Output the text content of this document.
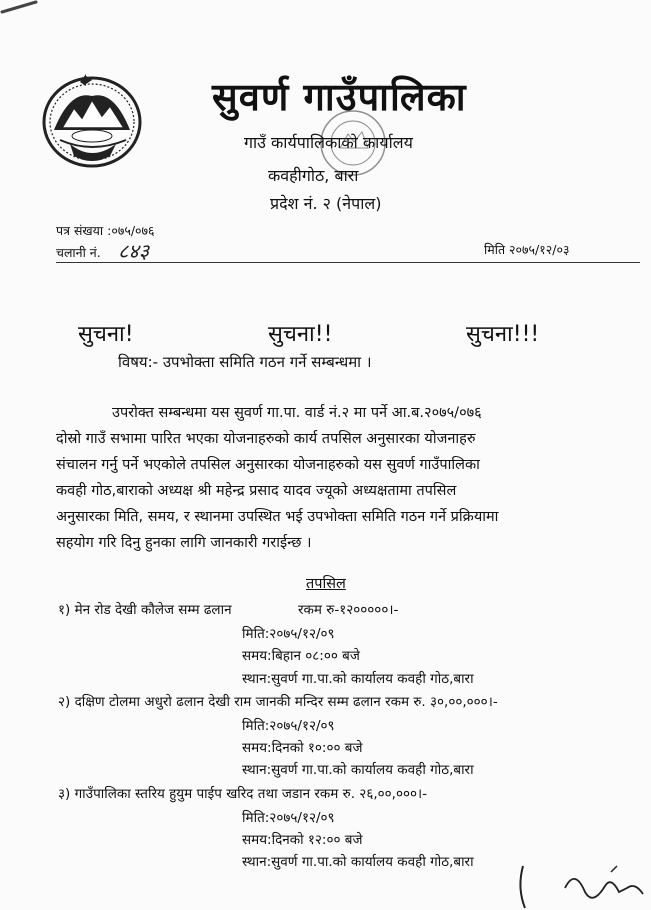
सुवर्ण गाउँपालिका
गाउँ कार्यपालिकाको कार्यालय
कवहीगोठ, बारा
प्रदेश नं. २ (नेपाल)
पत्र संखया :०७५/०७६
चलानी नं. ८४३	मिति २०७५/१२/०३
सुचना!	सुचना!!	सुचना!!!
विषय:- उपभोक्ता समिति गठन गर्ने सम्बन्धमा ।
उपरोक्त सम्बन्धमा यस सुवर्ण गा.पा. वार्ड नं.२ मा पर्ने आ.ब.२०७५/०७६
दोस्रो गाउँ सभामा पारित भएका योजनाहरुको कार्य तपसिल अनुसारका योजनाहरु
संचालन गर्नु पर्ने भएकोले तपसिल अनुसारका योजनाहरुको यस सुवर्ण गाउँपालिका
कवही गोठ,बाराको अध्यक्ष श्री महेन्द्र प्रसाद यादव ज्यूको अध्यक्षतामा तपसिल
अनुसारका मिति, समय, र स्थानमा उपस्थित भई उपभोक्ता समिति गठन गर्ने प्रक्रियामा
सहयोग गरि दिनु हुनका लागि जानकारी गराईन्छ ।
तपसिल
१) मेन रोड देखी कौलेज सम्म ढलान	रकम रु-१२०००००।-
मिति:२०७५/१२/०९
समय:बिहान ०८:०० बजे
स्थान:सुवर्ण गा.पा.को कार्यालय कवही गोठ,बारा
२) दक्षिण टोलमा अधुरो ढलान देखी राम जानकी मन्दिर सम्म ढलान रकम रु. ३०,००,०००।-
मिति:२०७५/१२/०९
समय:दिनको १०:०० बजे
स्थान:सुवर्ण गा.पा.को कार्यालय कवही गोठ,बारा
३) गाउँपालिका स्तरिय हुयुम पाईप खरिद तथा जडान रकम रु. २६,००,०००।-
मिति:२०७५/१२/०९
समय:दिनको १२:०० बजे
स्थान:सुवर्ण गा.पा.को कार्यालय कवही गोठ,बारा
